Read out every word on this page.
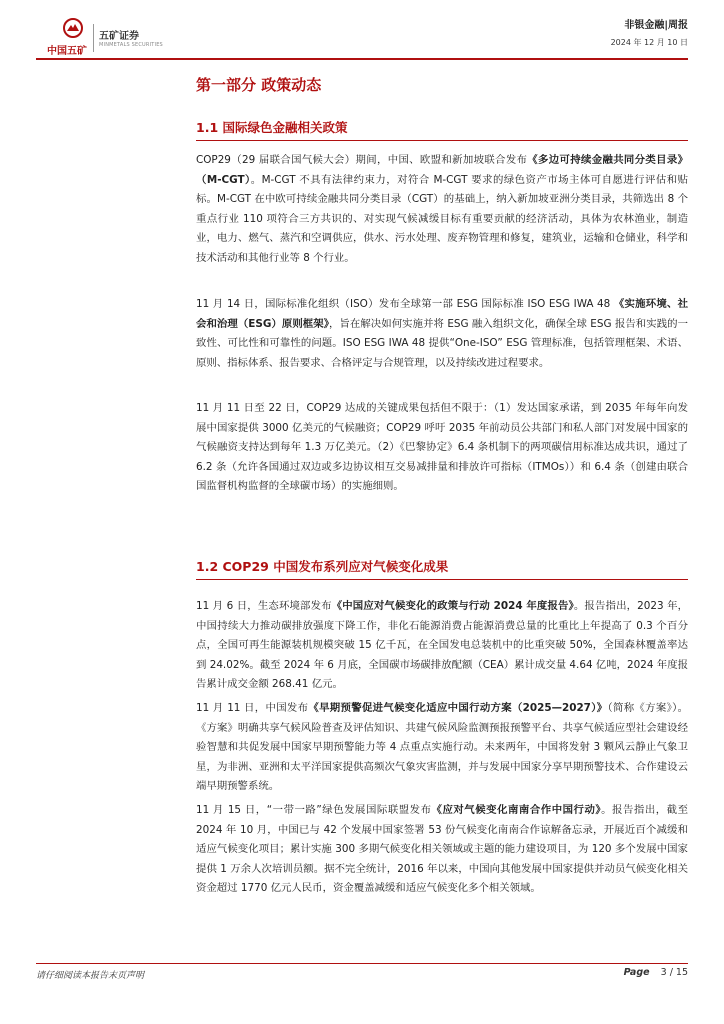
中国五矿
五矿证券
MINMETALS SECURITIES
非银金融|周报
2024 年 12 月 10 日
第一部分 政策动态
1.1 国际绿色金融相关政策
COP29（29 届联合国气候大会）期间，中国、欧盟和新加坡联合发布《多边可持续金融共同分类目录》（M-CGT）。M-CGT 不具有法律约束力，对符合 M-CGT 要求的绿色资产市场主体可自愿进行评估和贴标。M-CGT 在中欧可持续金融共同分类目录（CGT）的基础上，纳入新加坡亚洲分类目录，共筛选出 8 个重点行业 110 项符合三方共识的、对实现气候减缓目标有重要贡献的经济活动，具体为农林渔业，制造业，电力、燃气、蒸汽和空调供应，供水、污水处理、废弃物管理和修复，建筑业，运输和仓储业，科学和技术活动和其他行业等 8 个行业。
11 月 14 日，国际标准化组织（ISO）发布全球第一部 ESG 国际标准 ISO ESG IWA 48 《实施环境、社会和治理（ESG）原则框架》，旨在解决如何实施并将 ESG 融入组织文化，确保全球 ESG 报告和实践的一致性、可比性和可靠性的问题。ISO ESG IWA 48 提供“One-ISO” ESG 管理标准，包括管理框架、术语、原则、指标体系、报告要求、合格评定与合规管理，以及持续改进过程要求。
11 月 11 日至 22 日，COP29 达成的关键成果包括但不限于：（1）发达国家承诺，到 2035 年每年向发展中国家提供 3000 亿美元的气候融资；COP29 呼吁 2035 年前动员公共部门和私人部门对发展中国家的气候融资支持达到每年 1.3 万亿美元。（2）《巴黎协定》6.4 条机制下的两项碳信用标准达成共识，通过了 6.2 条（允许各国通过双边或多边协议相互交易减排量和排放许可指标（ITMOs））和 6.4 条（创建由联合国监督机构监督的全球碳市场）的实施细则。
1.2 COP29 中国发布系列应对气候变化成果
11 月 6 日，生态环境部发布《中国应对气候变化的政策与行动 2024 年度报告》。报告指出，2023 年，中国持续大力推动碳排放强度下降工作，非化石能源消费占能源消费总量的比重比上年提高了 0.3 个百分点，全国可再生能源装机规模突破 15 亿千瓦，在全国发电总装机中的比重突破 50%，全国森林覆盖率达到 24.02%。截至 2024 年 6 月底，全国碳市场碳排放配额（CEA）累计成交量 4.64 亿吨，2024 年度报告累计成交金额 268.41 亿元。
11 月 11 日，中国发布《早期预警促进气候变化适应中国行动方案（2025—2027）》（简称《方案》）。《方案》明确共享气候风险普查及评估知识、共建气候风险监测预报预警平台、共享气候适应型社会建设经验智慧和共促发展中国家早期预警能力等 4 点重点实施行动。未来两年，中国将发射 3 颗风云静止气象卫星，为非洲、亚洲和太平洋国家提供高频次气象灾害监测，并与发展中国家分享早期预警技术、合作建设云端早期预警系统。
11 月 15 日，“一带一路”绿色发展国际联盟发布《应对气候变化南南合作中国行动》。报告指出，截至 2024 年 10 月，中国已与 42 个发展中国家签署 53 份气候变化南南合作谅解备忘录，开展近百个减缓和适应气候变化项目；累计实施 300 多期气候变化相关领域或主题的能力建设项目，为 120 多个发展中国家提供 1 万余人次培训员额。据不完全统计，2016 年以来，中国向其他发展中国家提供并动员气候变化相关资金超过 1770 亿元人民币，资金覆盖减缓和适应气候变化多个相关领域。
请仔细阅读本报告末页声明	Page 3 / 15
